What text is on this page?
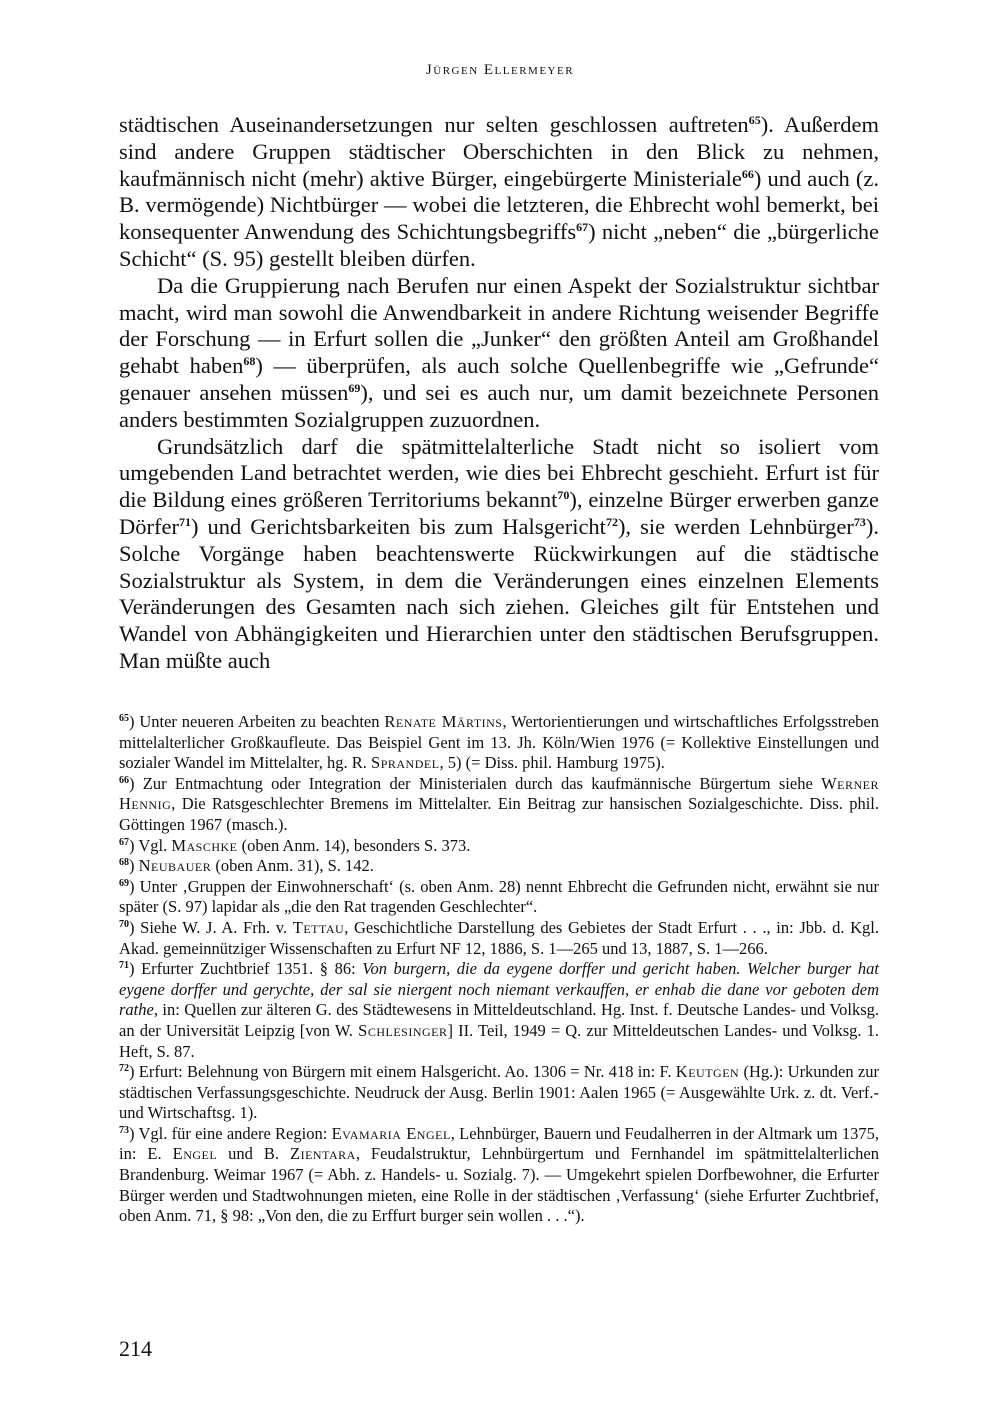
Jürgen Ellermeyer

städtischen Auseinandersetzungen nur selten geschlossen auftreten$^{65}$). Außerdem sind andere Gruppen städtischer Oberschichten in den Blick zu nehmen, kaufmännisch nicht (mehr) aktive Bürger, eingebürgerte Ministeriale$^{66}$) und auch (z. B. vermögende) Nichtbürger — wobei die letzteren, die Ehbrecht wohl bemerkt, bei konsequenter Anwendung des Schichtungsbegriffs$^{67}$) nicht „neben“ die „bürgerliche Schicht“ (S. 95) gestellt bleiben dürfen.

Da die Gruppierung nach Berufen nur einen Aspekt der Sozialstruktur sichtbar macht, wird man sowohl die Anwendbarkeit in andere Richtung weisender Begriffe der Forschung — in Erfurt sollen die „Junker“ den größten Anteil am Großhandel gehabt haben$^{68}$) — überprüfen, als auch solche Quellenbegriffe wie „Gefrunde“ genauer ansehen müssen$^{69}$), und sei es auch nur, um damit bezeichnete Personen anders bestimmten Sozialgruppen zuzuordnen.

Grundsätzlich darf die spätmittelalterliche Stadt nicht so isoliert vom umgebenden Land betrachtet werden, wie dies bei Ehbrecht geschieht. Erfurt ist für die Bildung eines größeren Territoriums bekannt$^{70}$), einzelne Bürger erwerben ganze Dörfer$^{71}$) und Gerichtsbarkeiten bis zum Halsgericht$^{72}$), sie werden Lehnbürger$^{73}$). Solche Vorgänge haben beachtenswerte Rückwirkungen auf die städtische Sozialstruktur als System, in dem die Veränderungen eines einzelnen Elements Veränderungen des Gesamten nach sich ziehen. Gleiches gilt für Entstehen und Wandel von Abhängigkeiten und Hierarchien unter den städtischen Berufsgruppen. Man müßte auch

$^{65}$) Unter neueren Arbeiten zu beachten Renate Märtins, Wertorientierungen und wirtschaftliches Erfolgsstreben mittelalterlicher Großkaufleute. Das Beispiel Gent im 13. Jh. Köln/Wien 1976 (= Kollektive Einstellungen und sozialer Wandel im Mittelalter, hg. R. Sprandel, 5) (= Diss. phil. Hamburg 1975).

$^{66}$) Zur Entmachtung oder Integration der Ministerialen durch das kaufmännische Bürgertum siehe Werner Hennig, Die Ratsgeschlechter Bremens im Mittelalter. Ein Beitrag zur hansischen Sozialgeschichte. Diss. phil. Göttingen 1967 (masch.).

$^{67}$) Vgl. Maschke (oben Anm. 14), besonders S. 373.

$^{68}$) Neubauer (oben Anm. 31), S. 142.

$^{69}$) Unter ‚Gruppen der Einwohnerschaft‘ (s. oben Anm. 28) nennt Ehbrecht die Gefrunden nicht, erwähnt sie nur später (S. 97) lapidar als „die den Rat tragenden Geschlechter“.

$^{70}$) Siehe W. J. A. Frh. v. Tettau, Geschichtliche Darstellung des Gebietes der Stadt Erfurt . . ., in: Jbb. d. Kgl. Akad. gemeinnütziger Wissenschaften zu Erfurt NF 12, 1886, S. 1—265 und 13, 1887, S. 1—266.

$^{71}$) Erfurter Zuchtbrief 1351. § 86: Von burgern, die da eygene dorffer und gericht haben. Welcher burger hat eygene dorffer und gerychte, der sal sie niergent noch niemant verkauffen, er enhab die dane vor geboten dem rathe, in: Quellen zur älteren G. des Städtewesens in Mitteldeutschland. Hg. Inst. f. Deutsche Landes- und Volksg. an der Universität Leipzig [von W. Schlesinger] II. Teil, 1949 = Q. zur Mitteldeutschen Landes- und Volksg. 1. Heft, S. 87.

$^{72}$) Erfurt: Belehnung von Bürgern mit einem Halsgericht. Ao. 1306 = Nr. 418 in: F. Keutgen (Hg.): Urkunden zur städtischen Verfassungsgeschichte. Neudruck der Ausg. Berlin 1901: Aalen 1965 (= Ausgewählte Urk. z. dt. Verf.- und Wirtschaftsg. 1).

$^{73}$) Vgl. für eine andere Region: Evamaria Engel, Lehnbürger, Bauern und Feudalherren in der Altmark um 1375, in: E. Engel und B. Zientara, Feudalstruktur, Lehnbürgertum und Fernhandel im spätmittelalterlichen Brandenburg. Weimar 1967 (= Abh. z. Handels- u. Sozialg. 7). — Umgekehrt spielen Dorfbewohner, die Erfurter Bürger werden und Stadtwohnungen mieten, eine Rolle in der städtischen ‚Verfassung‘ (siehe Erfurter Zuchtbrief, oben Anm. 71, § 98: „Von den, die zu Erffurt burger sein wollen . . .“).

214
